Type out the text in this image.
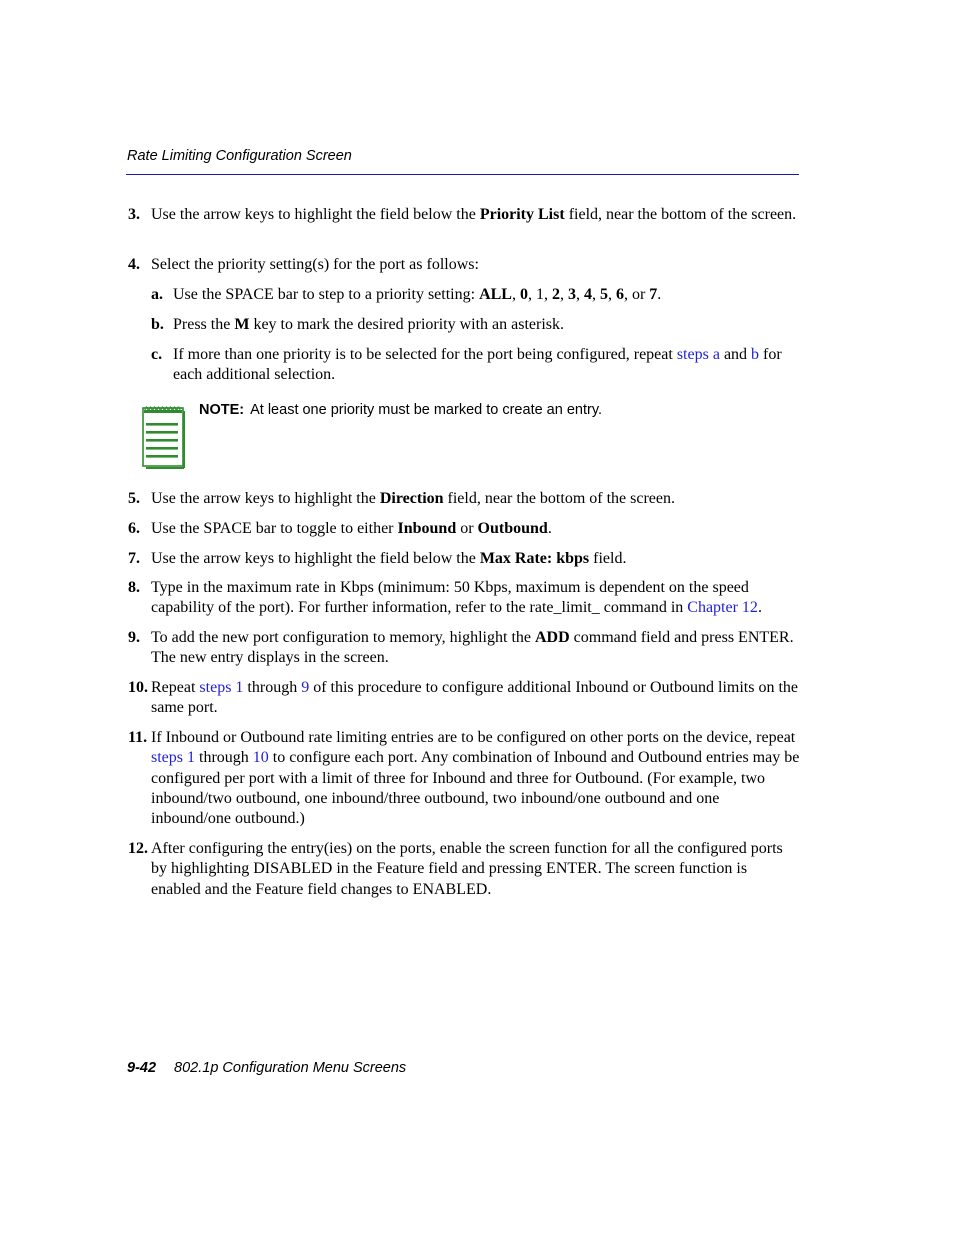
Rate Limiting Configuration Screen
3. Use the arrow keys to highlight the field below the Priority List field, near the bottom of the screen.
4. Select the priority setting(s) for the port as follows:
a. Use the SPACE bar to step to a priority setting: ALL, 0, 1, 2, 3, 4, 5, 6, or 7.
b. Press the M key to mark the desired priority with an asterisk.
c. If more than one priority is to be selected for the port being configured, repeat steps a and b for each additional selection.
NOTE: At least one priority must be marked to create an entry.
5. Use the arrow keys to highlight the Direction field, near the bottom of the screen.
6. Use the SPACE bar to toggle to either Inbound or Outbound.
7. Use the arrow keys to highlight the field below the Max Rate: kbps field.
8. Type in the maximum rate in Kbps (minimum: 50 Kbps, maximum is dependent on the speed capability of the port). For further information, refer to the rate_limit_ command in Chapter 12.
9. To add the new port configuration to memory, highlight the ADD command field and press ENTER. The new entry displays in the screen.
10. Repeat steps 1 through 9 of this procedure to configure additional Inbound or Outbound limits on the same port.
11. If Inbound or Outbound rate limiting entries are to be configured on other ports on the device, repeat steps 1 through 10 to configure each port. Any combination of Inbound and Outbound entries may be configured per port with a limit of three for Inbound and three for Outbound. (For example, two inbound/two outbound, one inbound/three outbound, two inbound/one outbound and one inbound/one outbound.)
12. After configuring the entry(ies) on the ports, enable the screen function for all the configured ports by highlighting DISABLED in the Feature field and pressing ENTER. The screen function is enabled and the Feature field changes to ENABLED.
9-42 802.1p Configuration Menu Screens
